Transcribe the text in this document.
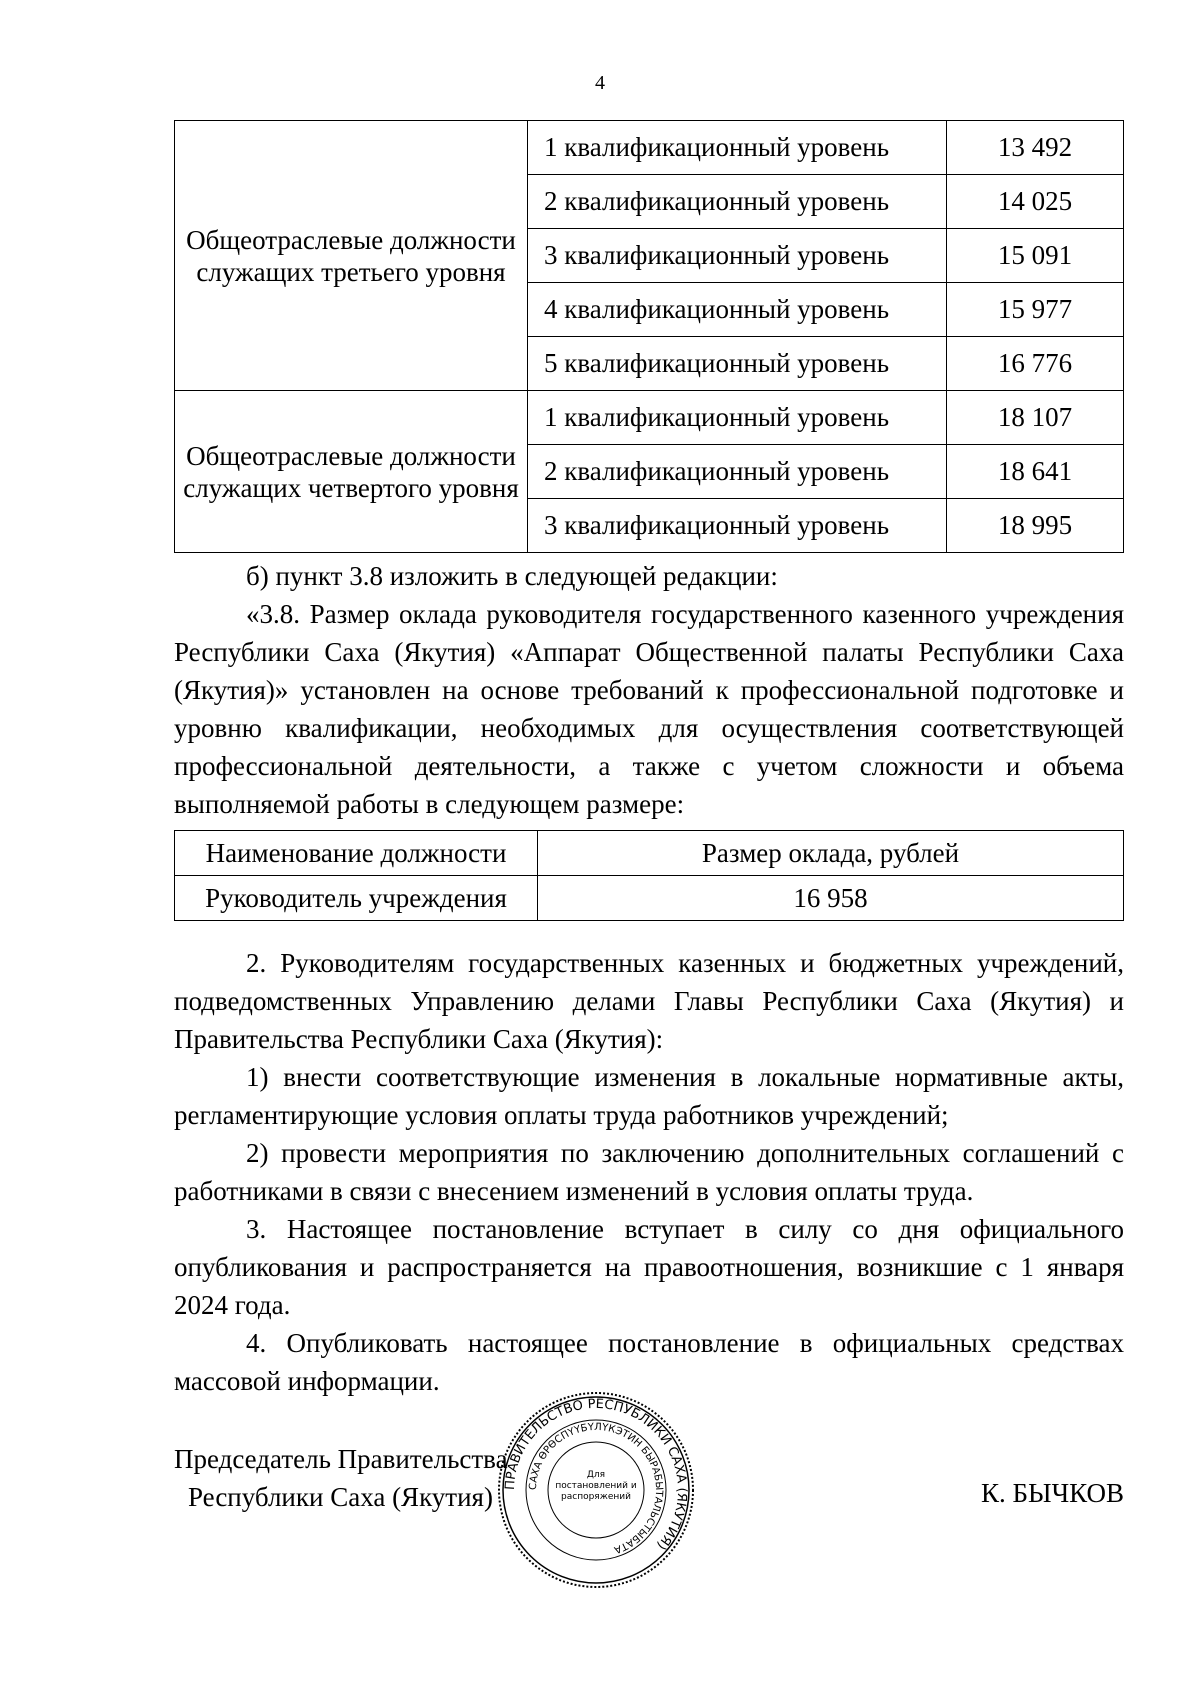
4
Общеотраслевые должности служащих третьего уровня	1 квалификационный уровень	13 492
	2 квалификационный уровень	14 025
	3 квалификационный уровень	15 091
	4 квалификационный уровень	15 977
	5 квалификационный уровень	16 776
Общеотраслевые должности служащих четвертого уровня	1 квалификационный уровень	18 107
	2 квалификационный уровень	18 641
	3 квалификационный уровень	18 995
б) пункт 3.8 изложить в следующей редакции:
«3.8. Размер оклада руководителя государственного казенного учреждения Республики Саха (Якутия) «Аппарат Общественной палаты Республики Саха (Якутия)» установлен на основе требований к профессиональной подготовке и уровню квалификации, необходимых для осуществления соответствующей профессиональной деятельности, а также с учетом сложности и объема выполняемой работы в следующем размере:
Наименование должности	Размер оклада, рублей
Руководитель учреждения	16 958
2. Руководителям государственных казенных и бюджетных учреждений, подведомственных Управлению делами Главы Республики Саха (Якутия) и Правительства Республики Саха (Якутия):
1) внести соответствующие изменения в локальные нормативные акты, регламентирующие условия оплаты труда работников учреждений;
2) провести мероприятия по заключению дополнительных соглашений с работниками в связи с внесением изменений в условия оплаты труда.
3. Настоящее постановление вступает в силу со дня официального опубликования и распространяется на правоотношения, возникшие с 1 января 2024 года.
4. Опубликовать настоящее постановление в официальных средствах массовой информации.
Председатель Правительства
Республики Саха (Якутия)	К. БЫЧКОВ
ПРАВИТЕЛЬСТВО РЕСПУБЛИКИ САХА (ЯКУТИЯ)
САХА ӨРӨСПҮҮБҮЛҮКЭТИН БЫРАБЫТАЛЬСТЫБАТА
Для постановлений и распоряжений
